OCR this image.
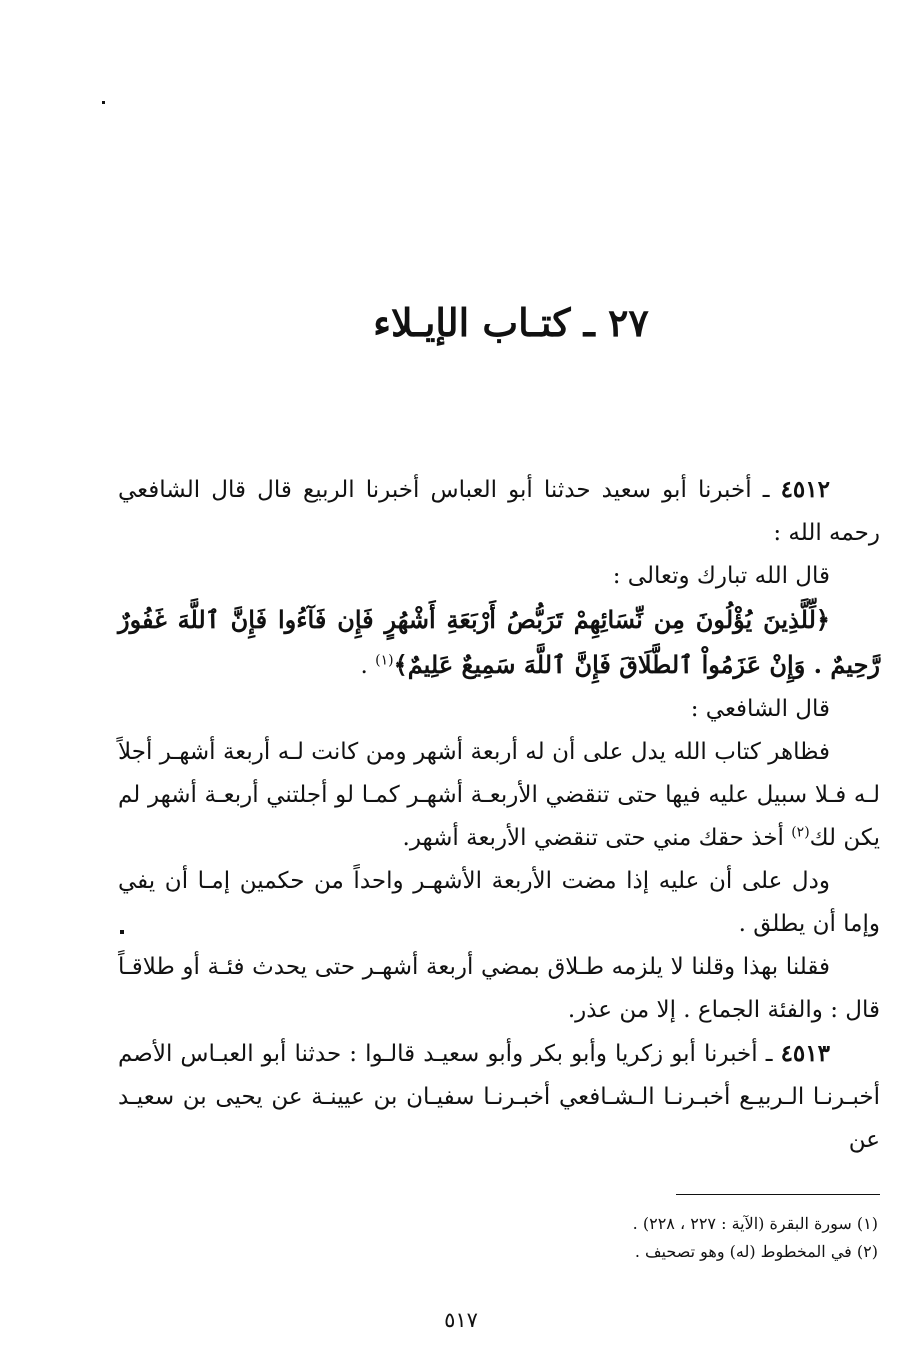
٢٧ ـ كتـاب الإيـلاء

٤٥١٢ ـ أخبرنا أبو سعيد حدثنا أبو العباس أخبرنا الربيع قال قال الشافعي رحمه الله :

قال الله تبارك وتعالى :

﴿لِّلَّذِينَ يُؤْلُونَ مِن نِّسَائِهِمْ تَرَبُّصُ أَرْبَعَةِ أَشْهُرٍ فَإِن فَآءُوا فَإِنَّ ٱللَّهَ غَفُورٌ رَّحِيمٌ . وَإِنْ عَزَمُواْ ٱلطَّلَاقَ فَإِنَّ ٱللَّهَ سَمِيعٌ عَلِيمٌ﴾$^{(١)}$ .

قال الشافعي :

فظاهر كتاب الله يدل على أن له أربعة أشهر ومن كانت لـه أربعة أشهـر أجلاً لـه فـلا سبيل عليه فيها حتى تنقضي الأربعـة أشهـر كمـا لو أجلتني أربعـة أشهر لم يكن لك$^{(٢)}$ أخذ حقك مني حتى تنقضي الأربعة أشهر.

ودل على أن عليه إذا مضت الأربعة الأشهـر واحداً من حكمين إمـا أن يفي وإما أن يطلق .

فقلنا بهذا وقلنا لا يلزمه طـلاق بمضي أربعة أشهـر حتى يحدث فئـة أو طلاقـاً قال : والفئة الجماع . إلا من عذر.

٤٥١٣ ـ أخبرنا أبو زكريا وأبو بكر وأبو سعيـد قالـوا : حدثنا أبو العبـاس الأصم أخبـرنـا الـربيـع أخبـرنـا الـشـافعي أخبـرنـا سفيـان بن عيينـة عن يحيى بن سعيـد عن

(١) سورة البقرة (الآية : ٢٢٧ ، ٢٢٨) .

(٢) في المخطوط (له) وهو تصحيف .

٥١٧
